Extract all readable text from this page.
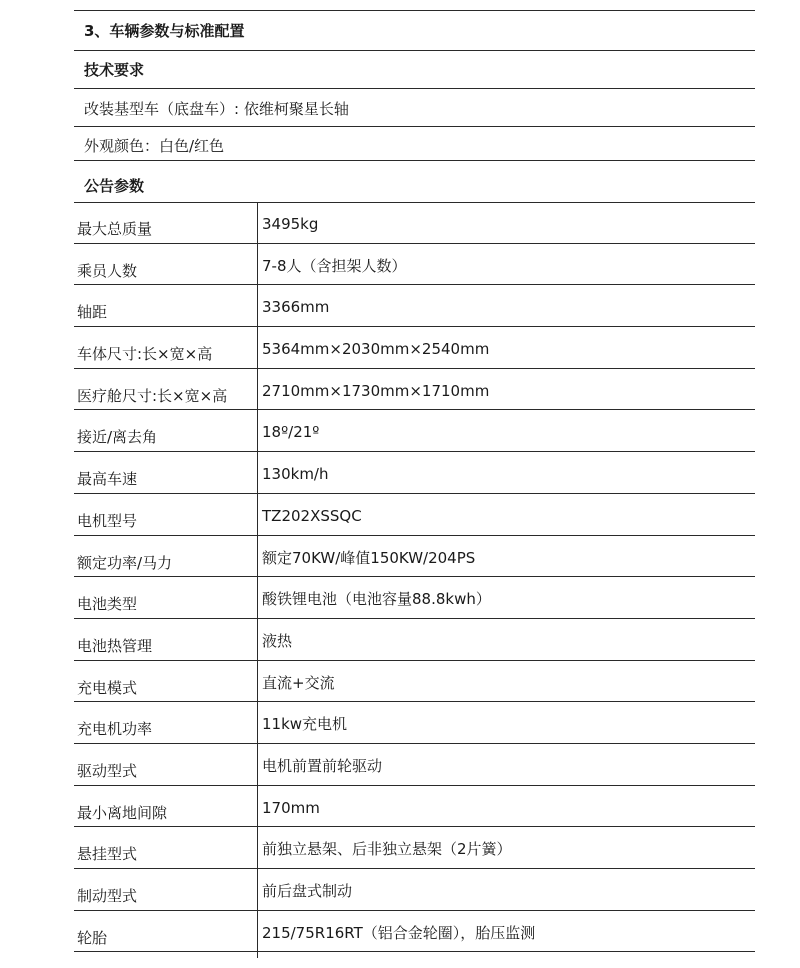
3、车辆参数与标准配置
技术要求
改装基型车（底盘车）: 依维柯聚星长轴
外观颜色：白色/红色
公告参数
最大总质量	3495kg
乘员人数	7-8人（含担架人数）
轴距	3366mm
车体尺寸:长×宽×高	5364mm×2030mm×2540mm
医疗舱尺寸:长×宽×高 2710mm×1730mm×1710mm
接近/离去角	18º/21º
最高车速	130km/h
电机型号	TZ202XSSQC
额定功率/马力	额定70KW/峰值150KW/204PS
电池类型	酸铁锂电池（电池容量88.8kwh）
电池热管理	液热
充电模式	直流+交流
充电机功率	11kw充电机
驱动型式	电机前置前轮驱动
最小离地间隙	170mm
悬挂型式	前独立悬架、后非独立悬架（2片簧）
制动型式	前后盘式制动
轮胎	215/75R16RT（铝合金轮圈），胎压监测
